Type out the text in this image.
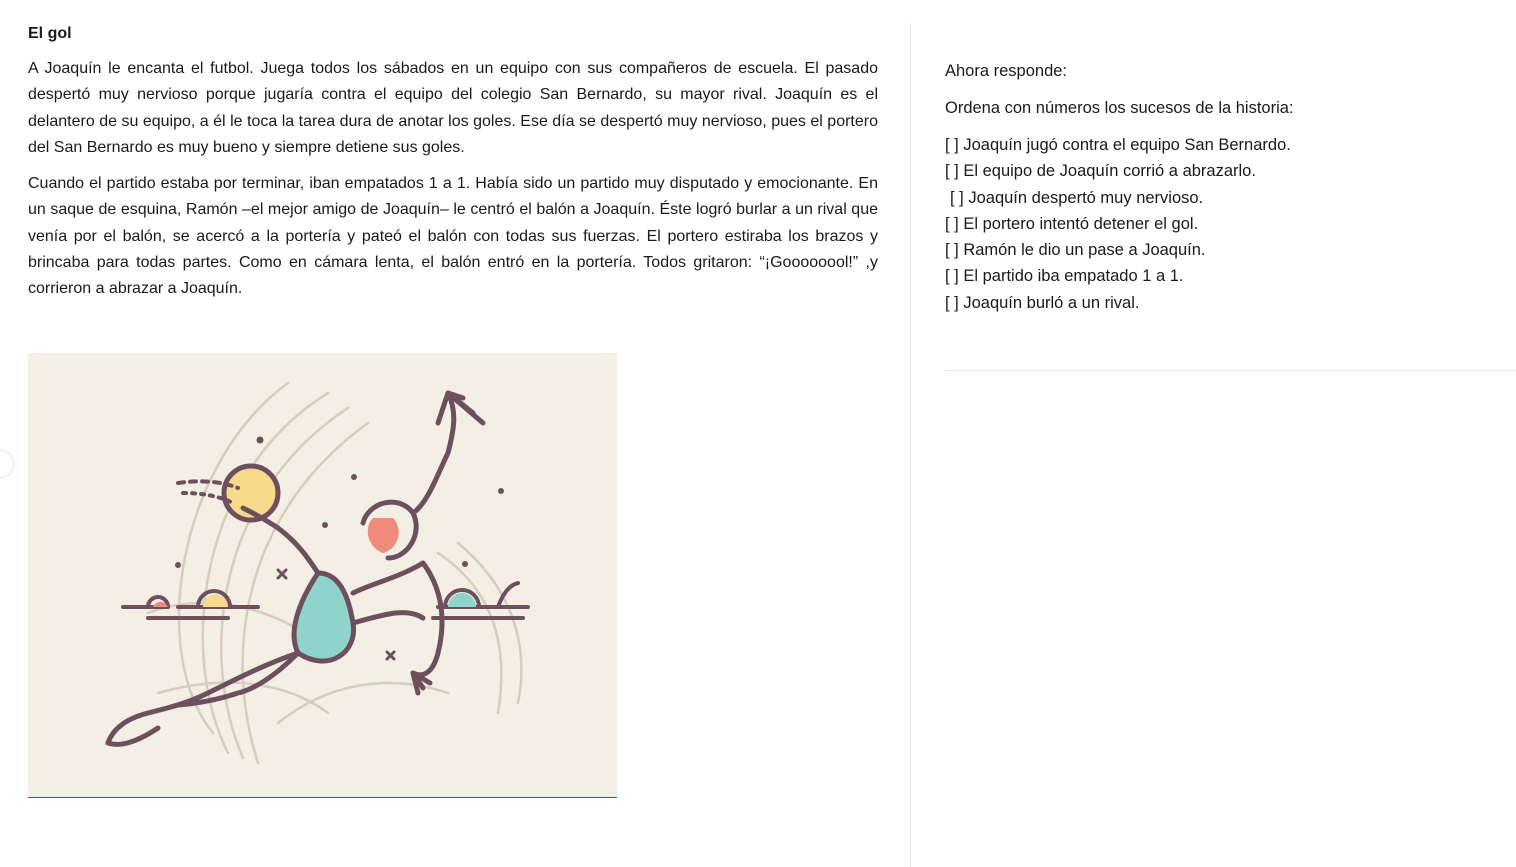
El gol

A Joaquín le encanta el futbol. Juega todos los sábados en un equipo con sus compañeros de escuela. El pasado despertó muy nervioso porque jugaría contra el equipo del colegio San Bernardo, su mayor rival. Joaquín es el delantero de su equipo, a él le toca la tarea dura de anotar los goles. Ese día se despertó muy nervioso, pues el portero del San Bernardo es muy bueno y siempre detiene sus goles.

Cuando el partido estaba por terminar, iban empatados 1 a 1. Había sido un partido muy disputado y emocionante. En un saque de esquina, Ramón –el mejor amigo de Joaquín– le centró el balón a Joaquín. Éste logró burlar a un rival que venía por el balón, se acercó a la portería y pateó el balón con todas sus fuerzas. El portero estiraba los brazos y brincaba para todas partes. Como en cámara lenta, el balón entró en la portería. Todos gritaron: “¡Goooooool!” ,y corrieron a abrazar a Joaquín.

Ahora responde:

Ordena con números los sucesos de la historia:

[ ] Joaquín jugó contra el equipo San Bernardo.
[ ] El equipo de Joaquín corrió a abrazarlo.
[ ] Joaquín despertó muy nervioso.
[ ] El portero intentó detener el gol.
[ ] Ramón le dio un pase a Joaquín.
[ ] El partido iba empatado 1 a 1.
[ ] Joaquín burló a un rival.
